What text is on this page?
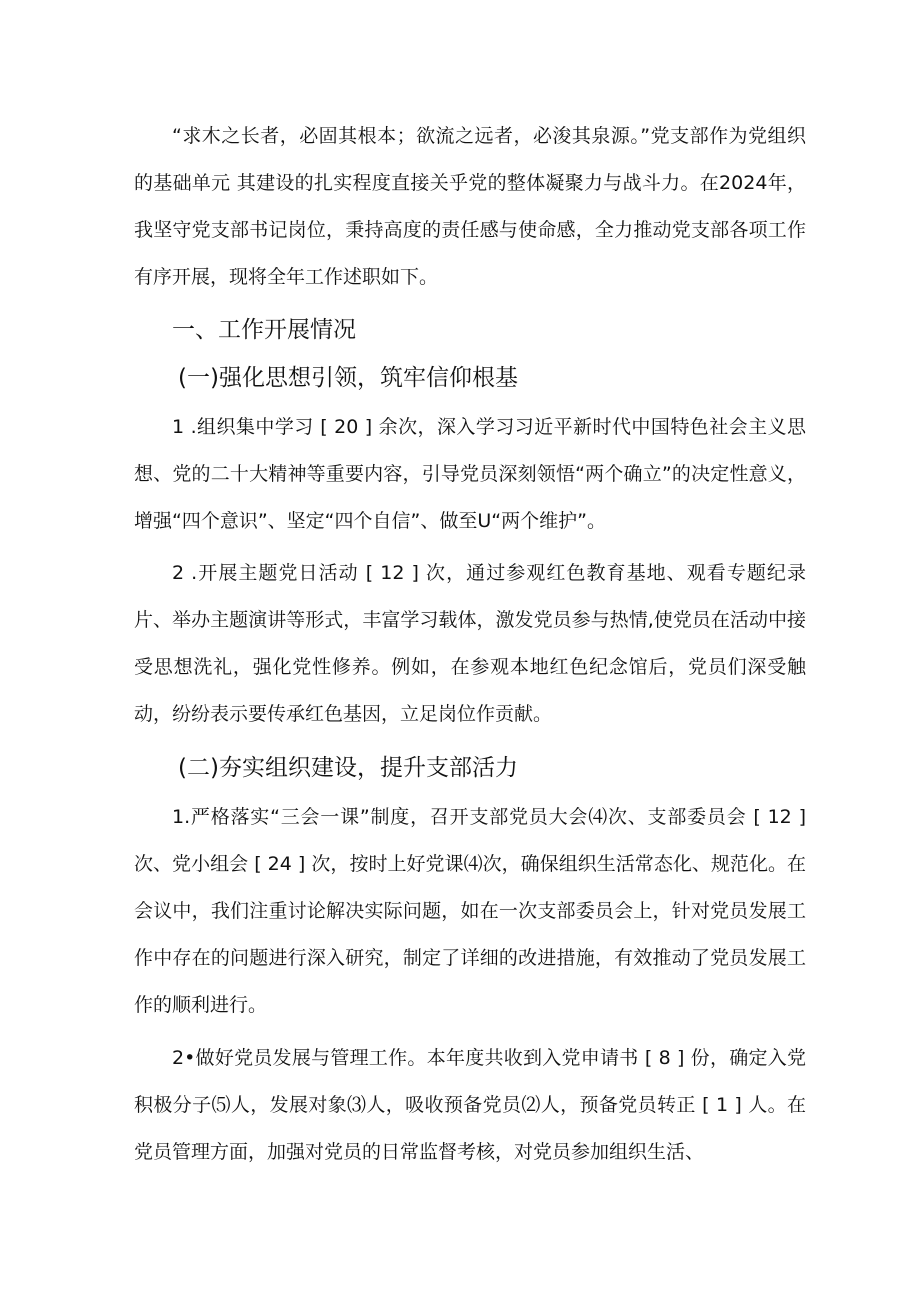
“求木之长者，必固其根本；欲流之远者，必浚其泉源。”党支部作为党组织的基础单元 其建设的扎实程度直接关乎党的整体凝聚力与战斗力。在2024年，我坚守党支部书记岗位，秉持高度的责任感与使命感，全力推动党支部各项工作有序开展，现将全年工作述职如下。

一、工作开展情况
(一)强化思想引领，筑牢信仰根基

1 .组织集中学习 [ 20 ] 余次，深入学习习近平新时代中国特色社会主义思想、党的二十大精神等重要内容，引导党员深刻领悟“两个确立”的决定性意义，增强“四个意识”、坚定“四个自信”、做至U“两个维护”。

2 .开展主题党日活动 [ 12 ] 次，通过参观红色教育基地、观看专题纪录片、举办主题演讲等形式，丰富学习载体，激发党员参与热情,使党员在活动中接受思想洗礼，强化党性修养。例如，在参观本地红色纪念馆后，党员们深受触动，纷纷表示要传承红色基因，立足岗位作贡献。

(二)夯实组织建设，提升支部活力

1.严格落实“三会一课”制度，召开支部党员大会⑷次、支部委员会 [ 12 ] 次、党小组会 [ 24 ] 次，按时上好党课⑷次，确保组织生活常态化、规范化。在会议中，我们注重讨论解决实际问题，如在一次支部委员会上，针对党员发展工作中存在的问题进行深入研究，制定了详细的改进措施，有效推动了党员发展工作的顺利进行。

2•做好党员发展与管理工作。本年度共收到入党申请书 [ 8 ] 份，确定入党积极分子⑸人，发展对象⑶人，吸收预备党员⑵人，预备党员转正 [ 1 ] 人。在党员管理方面，加强对党员的日常监督考核，对党员参加组织生活、
